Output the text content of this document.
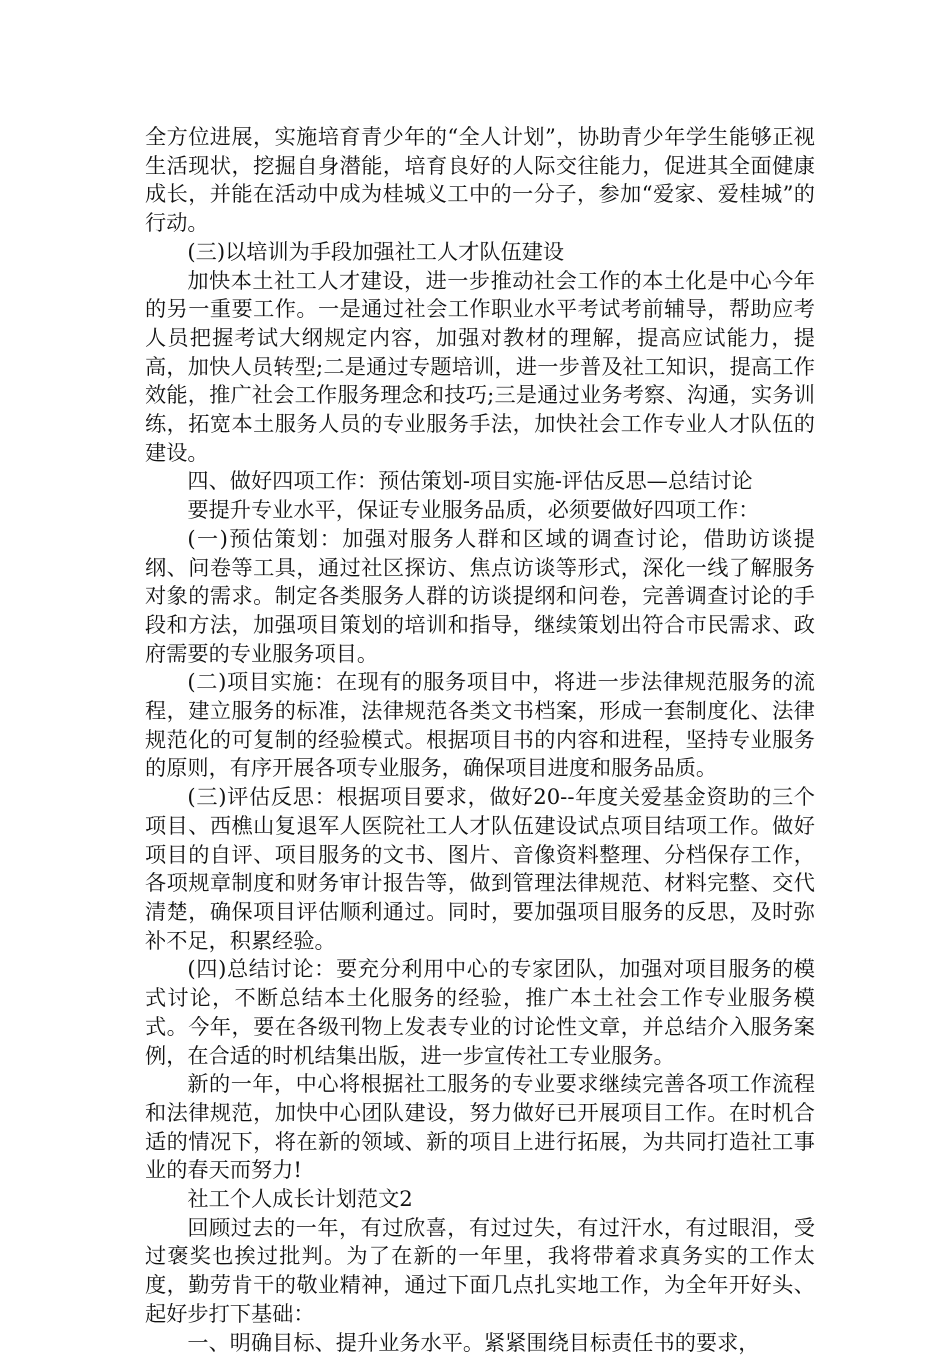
全方位进展，实施培育青少年的“全人计划”，协助青少年学生能够正视生活现状，挖掘自身潜能，培育良好的人际交往能力，促进其全面健康成长，并能在活动中成为桂城义工中的一分子，参加“爱家、爱桂城”的行动。

(三)以培训为手段加强社工人才队伍建设

加快本土社工人才建设，进一步推动社会工作的本土化是中心今年的另一重要工作。一是通过社会工作职业水平考试考前辅导，帮助应考人员把握考试大纲规定内容，加强对教材的理解，提高应试能力，提高，加快人员转型;二是通过专题培训，进一步普及社工知识，提高工作效能，推广社会工作服务理念和技巧;三是通过业务考察、沟通，实务训练，拓宽本土服务人员的专业服务手法，加快社会工作专业人才队伍的建设。

四、做好四项工作：预估策划-项目实施-评估反思—总结讨论

要提升专业水平，保证专业服务品质，必须要做好四项工作：

(一)预估策划：加强对服务人群和区域的调查讨论，借助访谈提纲、问卷等工具，通过社区探访、焦点访谈等形式，深化一线了解服务对象的需求。制定各类服务人群的访谈提纲和问卷，完善调查讨论的手段和方法，加强项目策划的培训和指导，继续策划出符合市民需求、政府需要的专业服务项目。

(二)项目实施：在现有的服务项目中，将进一步法律规范服务的流程，建立服务的标准，法律规范各类文书档案，形成一套制度化、法律规范化的可复制的经验模式。根据项目书的内容和进程，坚持专业服务的原则，有序开展各项专业服务，确保项目进度和服务品质。

(三)评估反思：根据项目要求，做好20--年度关爱基金资助的三个项目、西樵山复退军人医院社工人才队伍建设试点项目结项工作。做好项目的自评、项目服务的文书、图片、音像资料整理、分档保存工作，各项规章制度和财务审计报告等，做到管理法律规范、材料完整、交代清楚，确保项目评估顺利通过。同时，要加强项目服务的反思，及时弥补不足，积累经验。

(四)总结讨论：要充分利用中心的专家团队，加强对项目服务的模式讨论，不断总结本土化服务的经验，推广本土社会工作专业服务模式。今年，要在各级刊物上发表专业的讨论性文章，并总结介入服务案例，在合适的时机结集出版，进一步宣传社工专业服务。

新的一年，中心将根据社工服务的专业要求继续完善各项工作流程和法律规范，加快中心团队建设，努力做好已开展项目工作。在时机合适的情况下，将在新的领域、新的项目上进行拓展，为共同打造社工事业的春天而努力!

社工个人成长计划范文2

回顾过去的一年，有过欣喜，有过过失，有过汗水，有过眼泪，受过褒奖也挨过批判。为了在新的一年里，我将带着求真务实的工作太度，勤劳肯干的敬业精神，通过下面几点扎实地工作，为全年开好头、起好步打下基础：

一、明确目标、提升业务水平。紧紧围绕目标责任书的要求，
